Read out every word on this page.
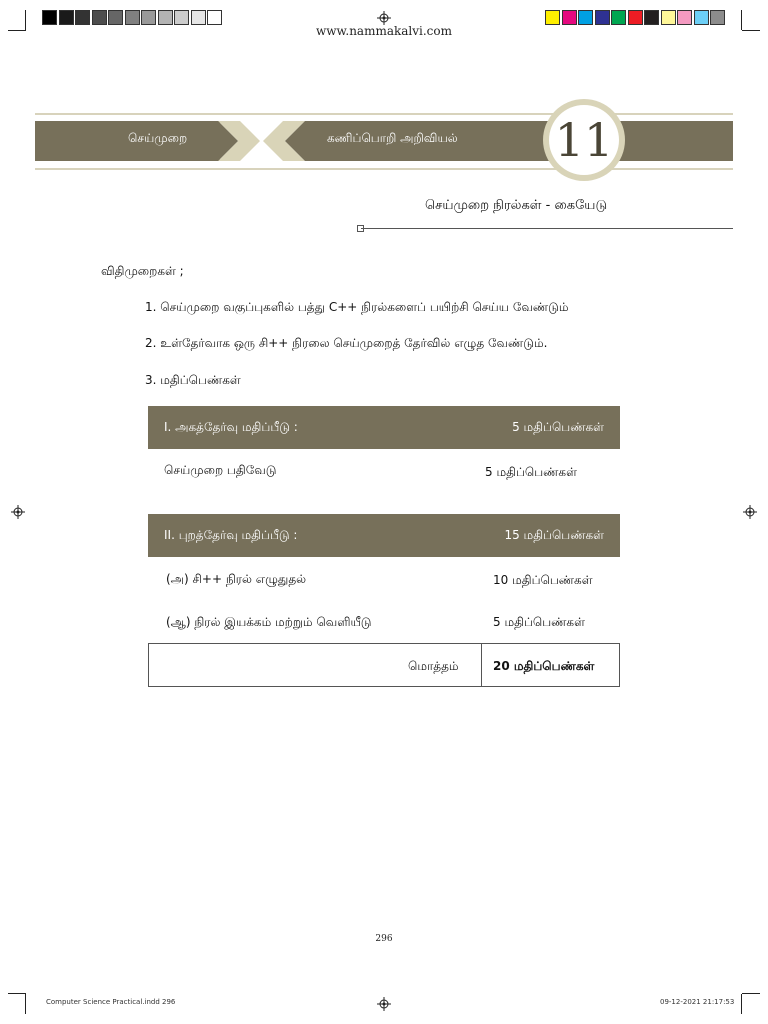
www.nammakalvi.com
செய்முறை	கணிப்பொறி அறிவியல் 11
செய்முறை நிரல்கள் - கையேடு
விதிமுறைகள் ;
1. செய்முறை வகுப்புகளில் பத்து C++ நிரல்களைப் பயிற்சி செய்ய வேண்டும்
2. உள்தேர்வாக ஒரு சி++ நிரலை செய்முறைத் தேர்வில் எழுத வேண்டும்.
3. மதிப்பெண்கள்
I. அகத்தேர்வு மதிப்பீடு :	5 மதிப்பெண்கள்
செய்முறை பதிவேடு	5 மதிப்பெண்கள்
II. புறத்தேர்வு மதிப்பீடு :	15 மதிப்பெண்கள்
(அ) சி++ நிரல் எழுதுதல்	10 மதிப்பெண்கள்
(ஆ) நிரல் இயக்கம் மற்றும் வெளியீடு	5 மதிப்பெண்கள்
மொத்தம்	20 மதிப்பெண்கள்
296
Computer Science Practical.indd 296	09-12-2021 21:17:53
